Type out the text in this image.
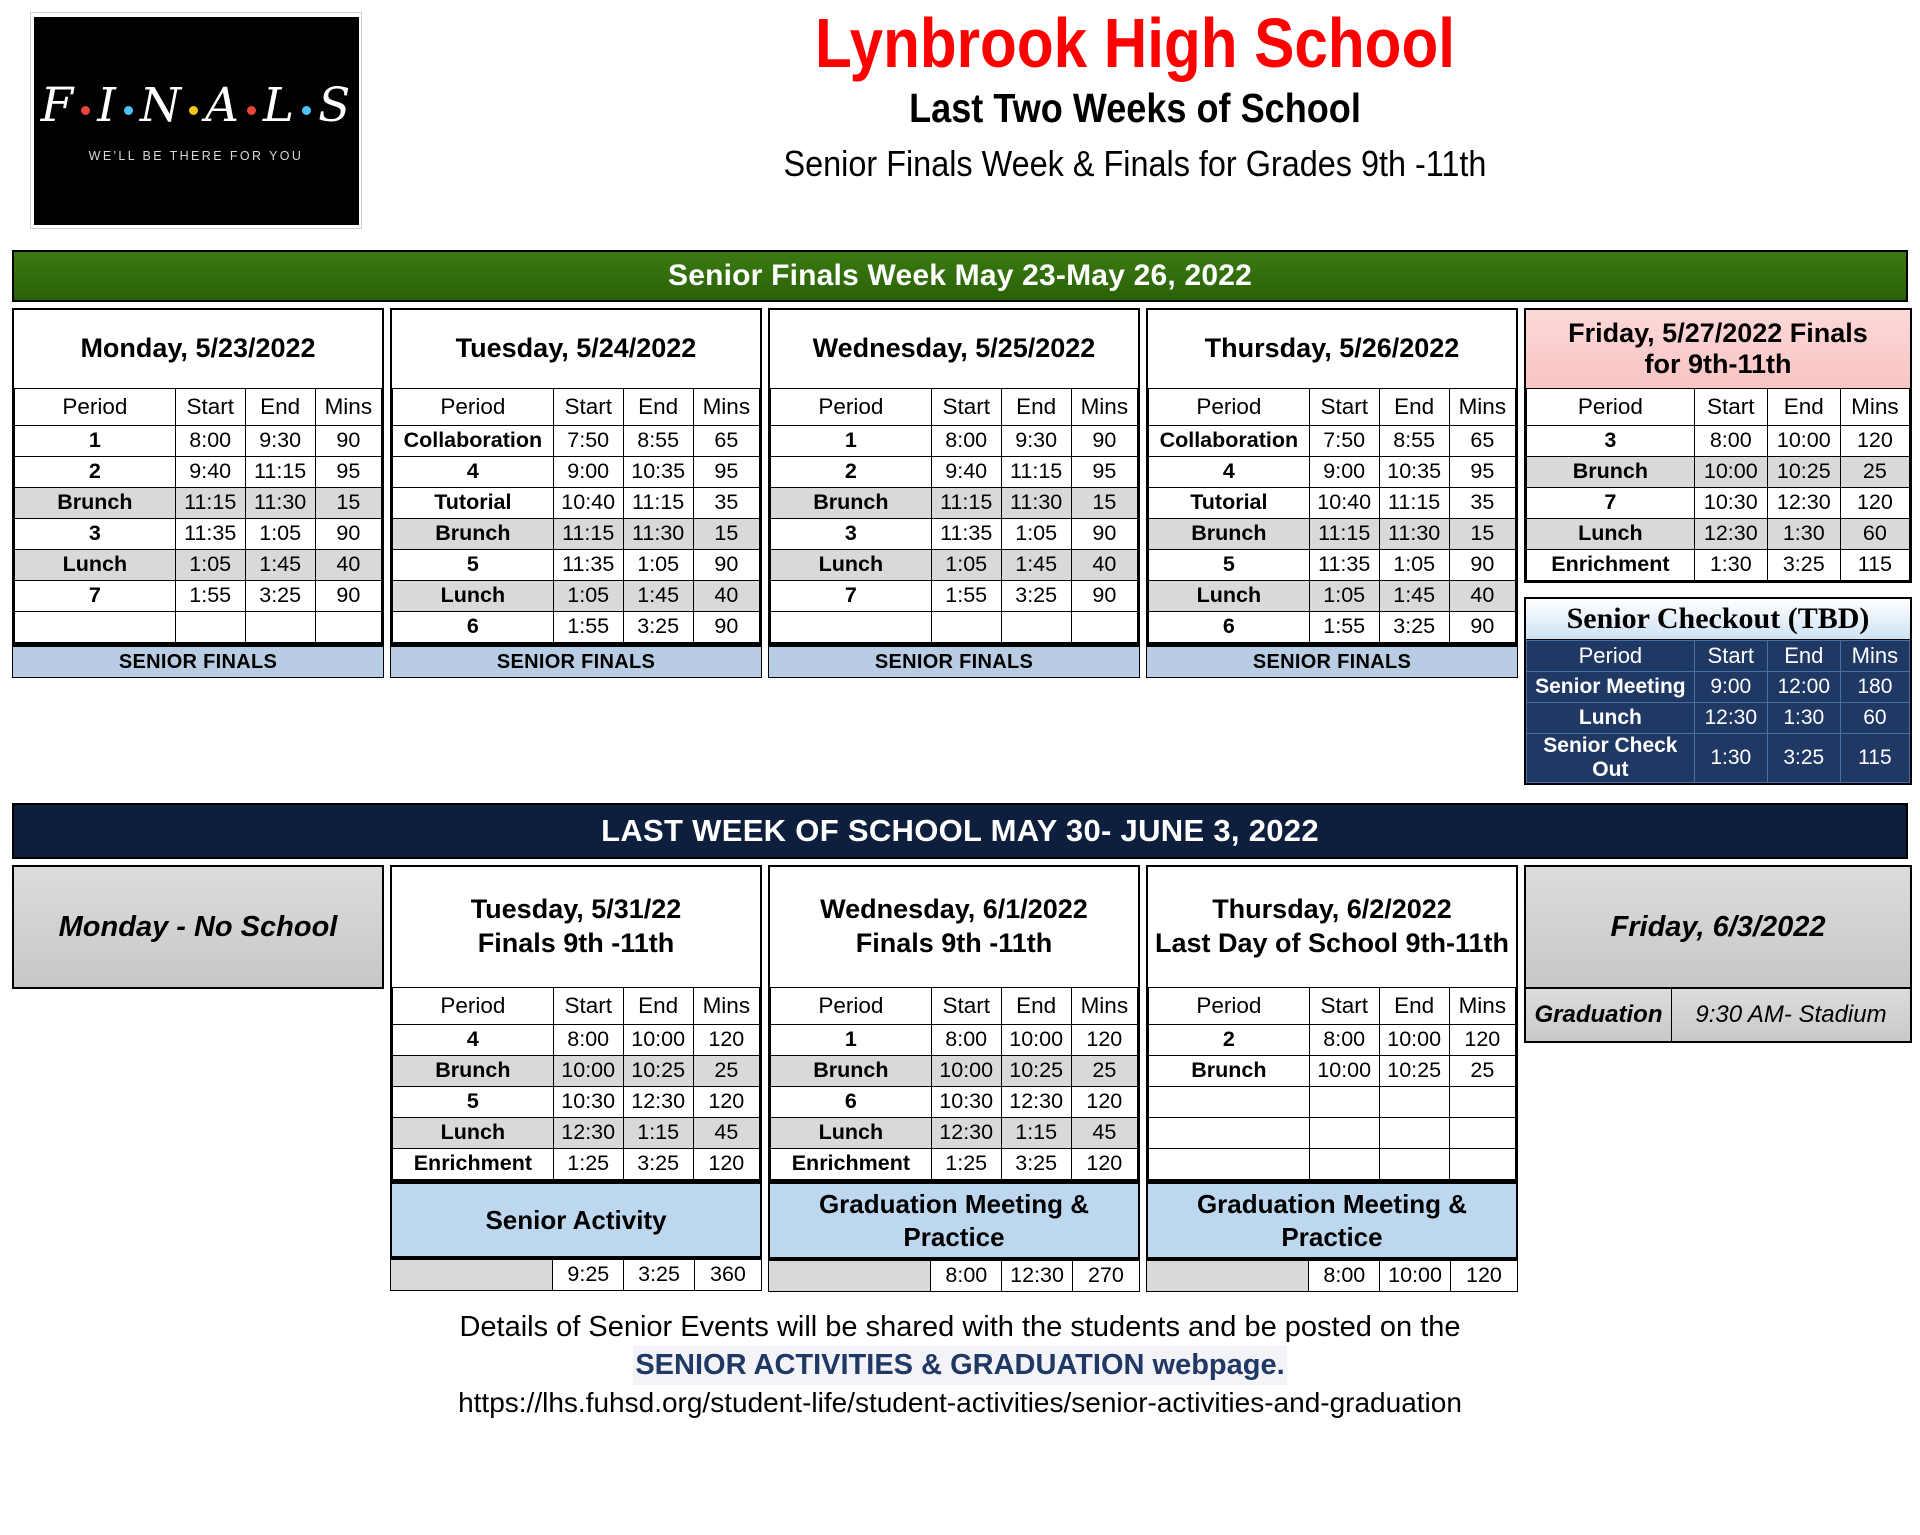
F I N A L S
WE'LL BE THERE FOR YOU
Lynbrook High School
Last Two Weeks of School
Senior Finals Week & Finals for Grades 9th -11th
Senior Finals Week May 23-May 26, 2022
Monday, 5/23/2022
Period	Start	End	Mins
1	8:00	9:30	90
2	9:40	11:15	95
Brunch	11:15	11:30	15
3	11:35	1:05	90
Lunch	1:05	1:45	40
7	1:55	3:25	90

SENIOR FINALS
Tuesday, 5/24/2022
Period	Start	End	Mins
Collaboration	7:50	8:55	65
4	9:00	10:35	95
Tutorial	10:40	11:15	35
Brunch	11:15	11:30	15
5	11:35	1:05	90
Lunch	1:05	1:45	40
6	1:55	3:25	90
SENIOR FINALS
Wednesday, 5/25/2022
Period	Start	End	Mins
1	8:00	9:30	90
2	9:40	11:15	95
Brunch	11:15	11:30	15
3	11:35	1:05	90
Lunch	1:05	1:45	40
7	1:55	3:25	90

SENIOR FINALS
Thursday, 5/26/2022
Period	Start	End	Mins
Collaboration	7:50	8:55	65
4	9:00	10:35	95
Tutorial	10:40	11:15	35
Brunch	11:15	11:30	15
5	11:35	1:05	90
Lunch	1:05	1:45	40
6	1:55	3:25	90
SENIOR FINALS
Friday, 5/27/2022 Finals
for 9th-11th
Period	Start	End	Mins
3	8:00	10:00	120
Brunch	10:00	10:25	25
7	10:30	12:30	120
Lunch	12:30	1:30	60
Enrichment	1:30	3:25	115
Senior Checkout (TBD)
Period	Start	End	Mins
Senior Meeting	9:00	12:00	180
Lunch	12:30	1:30	60
Senior Check Out	1:30	3:25	115
LAST WEEK OF SCHOOL MAY 30- JUNE 3, 2022
Monday - No School
Tuesday, 5/31/22
Finals 9th -11th
Period	Start	End	Mins
4	8:00	10:00	120
Brunch	10:00	10:25	25
5	10:30	12:30	120
Lunch	12:30	1:15	45
Enrichment	1:25	3:25	120
Senior Activity
	9:25	3:25	360
Wednesday, 6/1/2022
Finals 9th -11th
Period	Start	End	Mins
1	8:00	10:00	120
Brunch	10:00	10:25	25
6	10:30	12:30	120
Lunch	12:30	1:15	45
Enrichment	1:25	3:25	120
Graduation Meeting & Practice
	8:00	12:30	270
Thursday, 6/2/2022
Last Day of School 9th-11th
Period	Start	End	Mins
2	8:00	10:00	120
Brunch	10:00	10:25	25

Graduation Meeting & Practice
	8:00	10:00	120
Friday, 6/3/2022
Graduation	9:30 AM- Stadium
Details of Senior Events will be shared with the students and be posted on the
SENIOR ACTIVITIES & GRADUATION webpage.
https://lhs.fuhsd.org/student-life/student-activities/senior-activities-and-graduation
